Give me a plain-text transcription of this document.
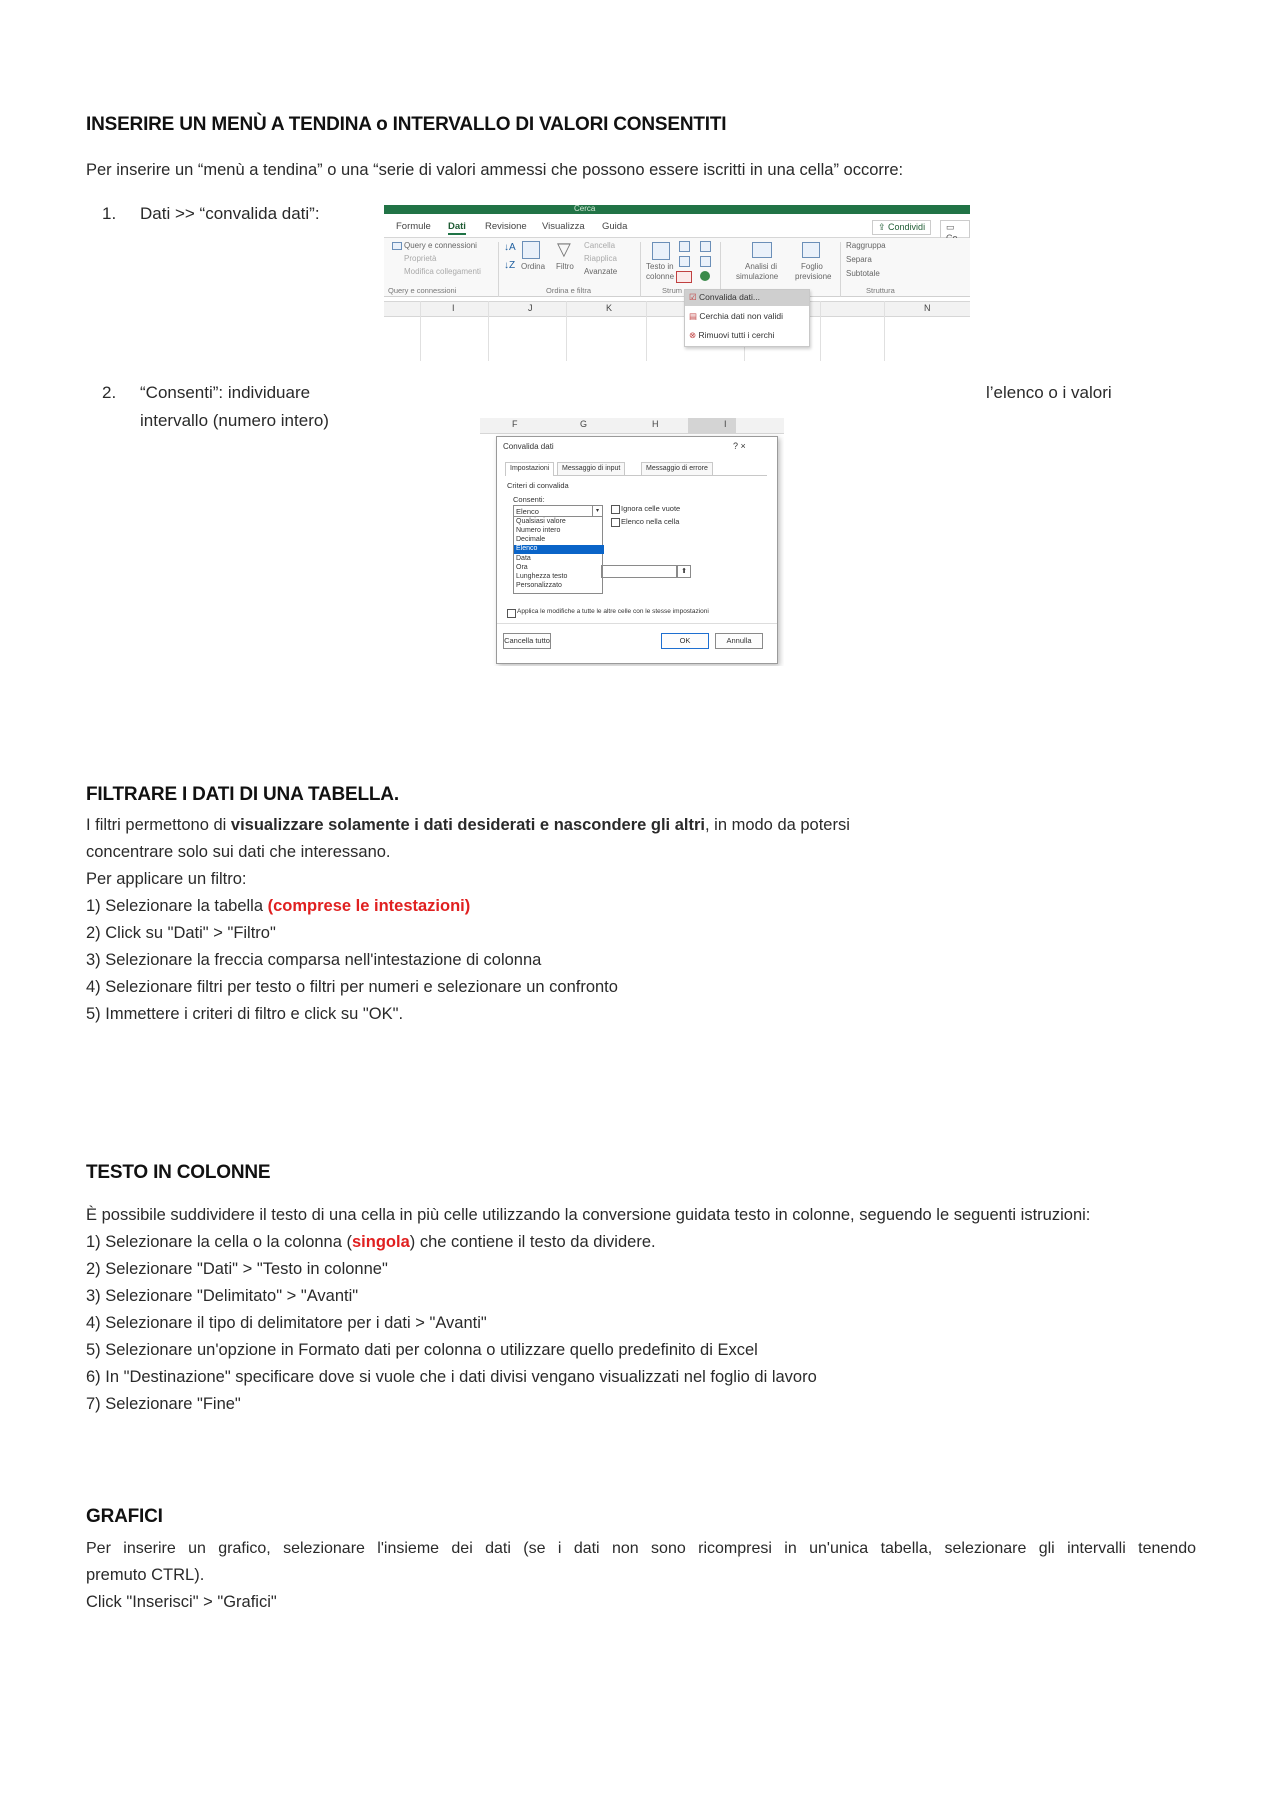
INSERIRE UN MENÙ A TENDINA o INTERVALLO DI VALORI CONSENTITI

Per inserire un “menù a tendina” o una “serie di valori ammessi che possono essere iscritti in una cella” occorre:

1. Dati >> “convalida dati”:	Cerca
Formule Dati Revisione Visualizza Guida	⇪ Condividi	▭
Query e connessioni
Proprietà
Modifica collegamenti
↓A
↓Z Ordina
▽
Filtro
Cancella
Riapplica
Avanzate
Testo in
colonne
Analisi di
simulazione
Foglio
previsione
Raggruppa
Separa
Subtotale
Query e connessioni	Ordina e filtra	Strum	Struttura
I	J	K	N
☑ Convalida dati...
▤ Cerchia dati non validi
⊗ Rimuovi tutti i cerchi
2. “Consenti”: individuare	l’elenco o i valori
intervallo (numero intero)	F	G	H	I
Convalida dati	? ×
Impostazioni	Messaggio di input	Messaggio di errore
Criteri di convalida
Consenti:
Elenco	▾
Qualsiasi valore
Numero intero
Decimale
Elenco
Data
Ora
Lunghezza testo
Personalizzato
Ignora celle vuote
Elenco nella cella
⬆
Applica le modifiche a tutte le altre celle con le stesse impostazioni
Cancella tutto	OK	Annulla
FILTRARE I DATI DI UNA TABELLA.

I filtri permettono di visualizzare solamente i dati desiderati e nascondere gli altri, in modo da potersi

concentrare solo sui dati che interessano.

Per applicare un filtro:

1) Selezionare la tabella (comprese le intestazioni)

2) Click su "Dati" > "Filtro"

3) Selezionare la freccia comparsa nell'intestazione di colonna

4) Selezionare filtri per testo o filtri per numeri e selezionare un confronto

5) Immettere i criteri di filtro e click su "OK".

TESTO IN COLONNE

È possibile suddividere il testo di una cella in più celle utilizzando la conversione guidata testo in colonne, seguendo le seguenti istruzioni:

1) Selezionare la cella o la colonna (singola) che contiene il testo da dividere.

2) Selezionare "Dati" > "Testo in colonne"

3) Selezionare "Delimitato" > "Avanti"

4) Selezionare il tipo di delimitatore per i dati > "Avanti"

5) Selezionare un'opzione in Formato dati per colonna o utilizzare quello predefinito di Excel

6) In "Destinazione" specificare dove si vuole che i dati divisi vengano visualizzati nel foglio di lavoro

7) Selezionare "Fine"

GRAFICI

Per inserire un grafico, selezionare l'insieme dei dati (se i dati non sono ricompresi in un'unica tabella, selezionare gli intervalli tenendo

premuto CTRL).

Click "Inserisci" > "Grafici"
